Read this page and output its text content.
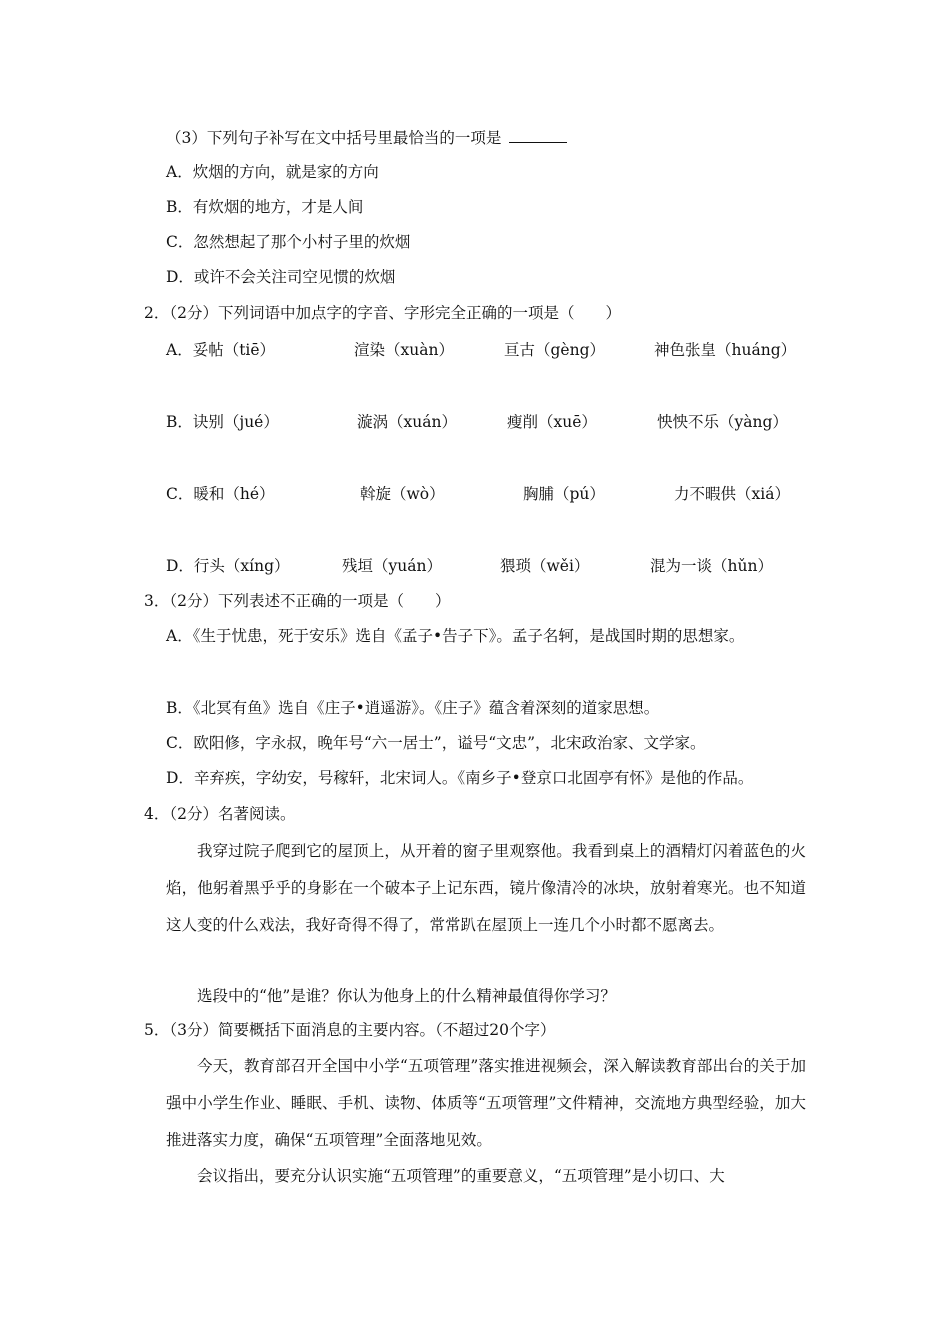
（3）下列句子补写在文中括号里最恰当的一项是
A．炊烟的方向，就是家的方向
B．有炊烟的地方，才是人间
C．忽然想起了那个小村子里的炊烟
D．或许不会关注司空见惯的炊烟
2．（2分）下列词语中加点字的字音、字形完全正确的一项是（　　）
A．妥帖（tiē）	渲染（xuàn）	亘古（gèng）	神色张皇（huáng）
B．诀别（jué）	漩涡（xuán）	瘦削（xuē）	怏怏不乐（yàng）
C．暖和（hé）	斡旋（wò）	胸脯（pú）	力不暇供（xiá）
D．行头（xíng）	残垣（yuán）	猥琐（wěi）	混为一谈（hǔn）
3．（2分）下列表述不正确的一项是（　　）
A．《生于忧患，死于安乐》选自《孟子•告子下》。孟子名轲，是战国时期的思想家。
B．《北冥有鱼》选自《庄子•逍遥游》。《庄子》蕴含着深刻的道家思想。
C．欧阳修，字永叔，晚年号“六一居士”，谥号“文忠”，北宋政治家、文学家。
D．辛弃疾，字幼安，号稼轩，北宋词人。《南乡子•登京口北固亭有怀》是他的作品。
4．（2分）名著阅读。
我穿过院子爬到它的屋顶上，从开着的窗子里观察他。我看到桌上的酒精灯闪着蓝色的火焰，他躬着黑乎乎的身影在一个破本子上记东西，镜片像清冷的冰块，放射着寒光。也不知道这人变的什么戏法，我好奇得不得了，常常趴在屋顶上一连几个小时都不愿离去。
选段中的“他”是谁？你认为他身上的什么精神最值得你学习？
5．（3分）简要概括下面消息的主要内容。（不超过20个字）
今天，教育部召开全国中小学“五项管理”落实推进视频会，深入解读教育部出台的关于加强中小学生作业、睡眠、手机、读物、体质等“五项管理”文件精神，交流地方典型经验，加大推进落实力度，确保“五项管理”全面落地见效。
会议指出，要充分认识实施“五项管理”的重要意义，“五项管理”是小切口、大
